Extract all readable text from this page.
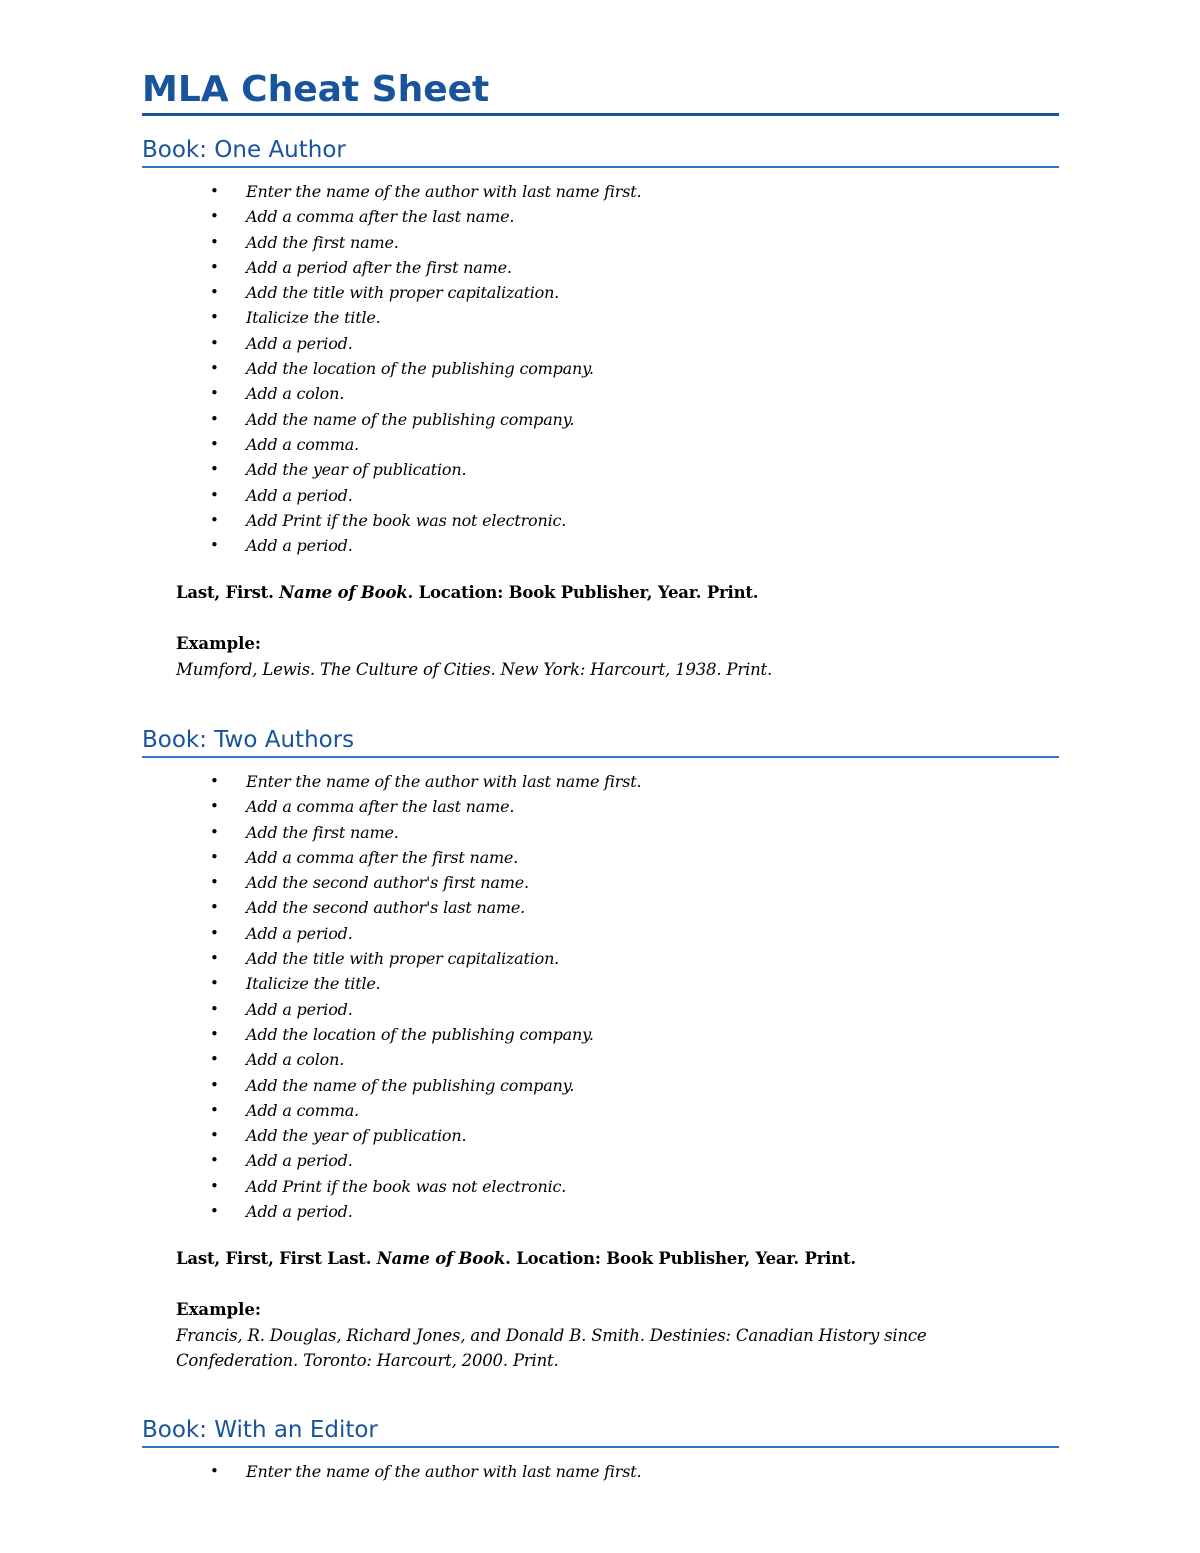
MLA Cheat Sheet
Book: One Author
• Enter the name of the author with last name first.
• Add a comma after the last name.
• Add the first name.
• Add a period after the first name.
• Add the title with proper capitalization.
• Italicize the title.
• Add a period.
• Add the location of the publishing company.
• Add a colon.
• Add the name of the publishing company.
• Add a comma.
• Add the year of publication.
• Add a period.
• Add Print if the book was not electronic.
• Add a period.

Last, First. Name of Book. Location: Book Publisher, Year. Print.

Example:

Mumford, Lewis. The Culture of Cities. New York: Harcourt, 1938. Print.

Book: Two Authors
• Enter the name of the author with last name first.
• Add a comma after the last name.
• Add the first name.
• Add a comma after the first name.
• Add the second author's first name.
• Add the second author's last name.
• Add a period.
• Add the title with proper capitalization.
• Italicize the title.
• Add a period.
• Add the location of the publishing company.
• Add a colon.
• Add the name of the publishing company.
• Add a comma.
• Add the year of publication.
• Add a period.
• Add Print if the book was not electronic.
• Add a period.

Last, First, First Last. Name of Book. Location: Book Publisher, Year. Print.

Example:

Francis, R. Douglas, Richard Jones, and Donald B. Smith. Destinies: Canadian History since Confederation. Toronto: Harcourt, 2000. Print.

Book: With an Editor
• Enter the name of the author with last name first.
